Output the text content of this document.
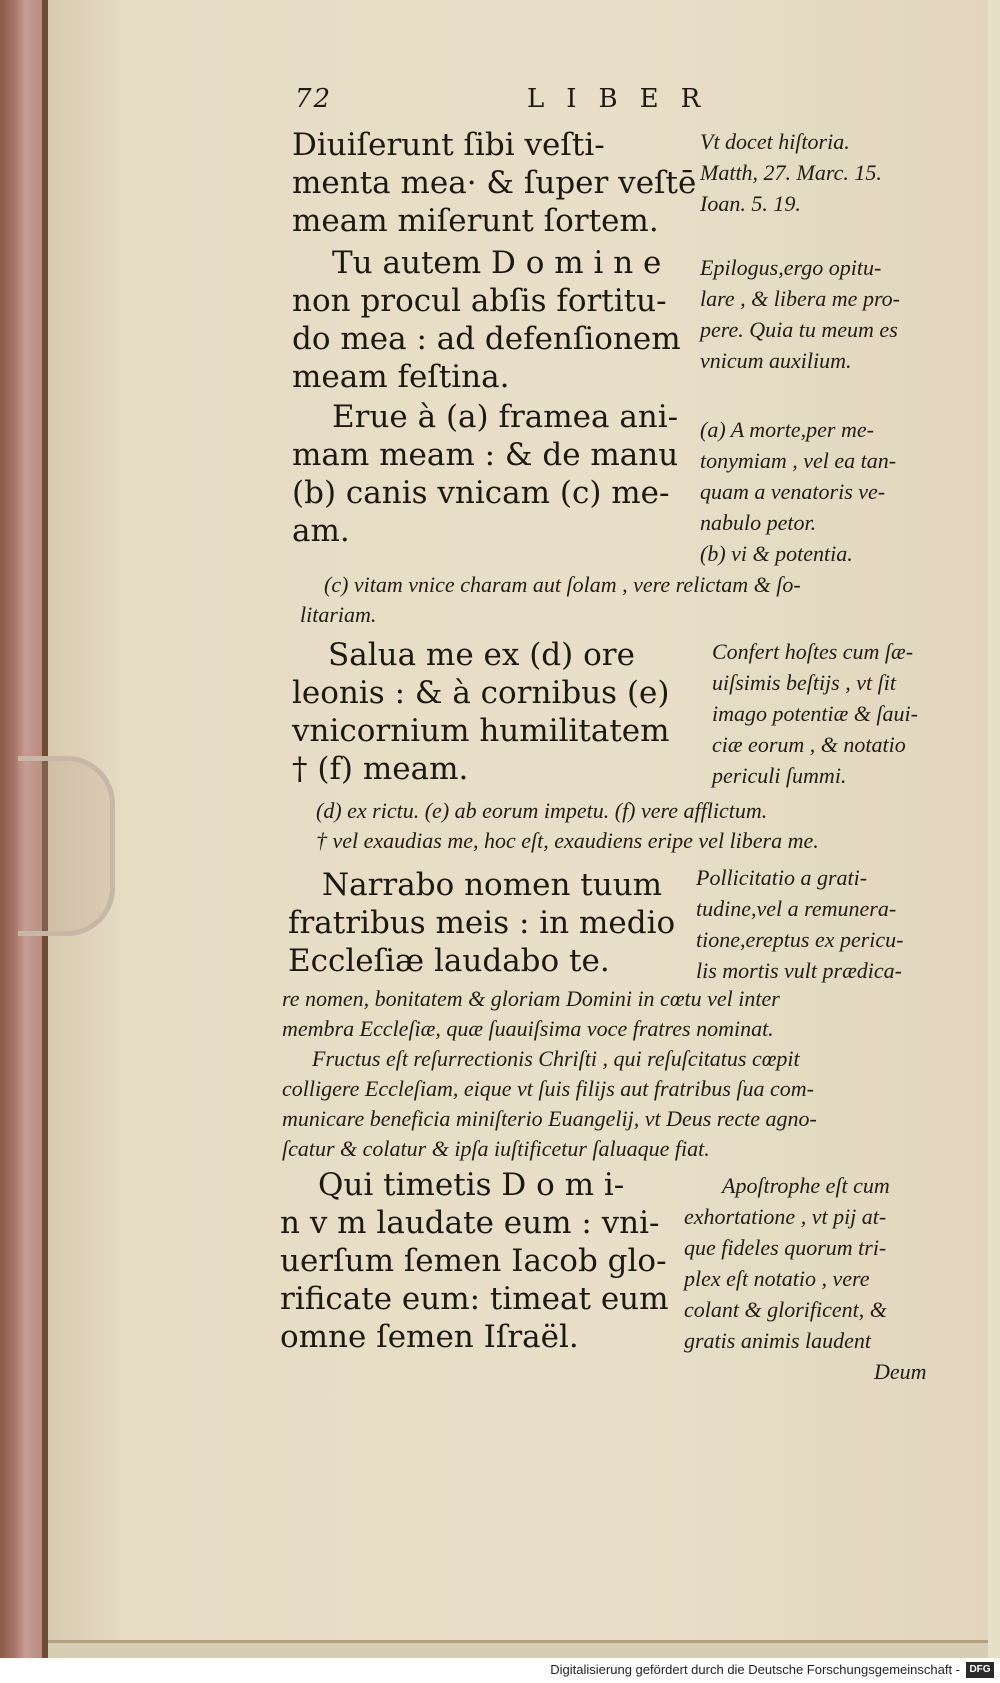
72	LIBER
Diuiſerunt ſibi veſti-
menta mea· & ſuper veſtē
meam miſerunt ſortem.
Vt docet hiſtoria.
Matth, 27. Marc. 15.
Ioan. 5. 19.
Tu autem D o m i n e
non procul abſis fortitu-
do mea : ad defenſionem
meam feſtina.
Epilogus,ergo opitu-
lare , & libera me pro-
pere. Quia tu meum es
vnicum auxilium.
Erue à (a) framea ani-
mam meam : & de manu
(b) canis vnicam (c) me-
am.
(a) A morte,per me-
tonymiam , vel ea tan-
quam a venatoris ve-
nabulo petor.
(b) vi & potentia.
(c) vitam vnice charam aut ſolam , vere relictam & ſo-
litariam.
Salua me ex (d) ore
leonis : & à cornibus (e)
vnicornium humilitatem
† (f) meam.
Confert hoſtes cum ſæ-
uiſsimis beſtijs , vt ſit
imago potentiæ & ſaui-
ciæ eorum , & notatio
periculi ſummi.
(d) ex rictu. (e) ab eorum impetu. (f) vere afflictum.
† vel exaudias me, hoc eſt, exaudiens eripe vel libera me.
Narrabo nomen tuum
fratribus meis : in medio
Eccleſiæ laudabo te.
Pollicitatio a grati-
tudine,vel a remunera-
tione,ereptus ex pericu-
lis mortis vult prædica-
re nomen, bonitatem & gloriam Domini in cœtu vel inter
membra Eccleſiæ, quæ ſuauiſsima voce fratres nominat.
Fructus eſt reſurrectionis Chriſti , qui reſuſcitatus cœpit
colligere Eccleſiam, eique vt ſuis filijs aut fratribus ſua com-
municare beneficia miniſterio Euangelij, vt Deus recte agno-
ſcatur & colatur & ipſa iuſtificetur ſaluaque fiat.
Qui timetis D o m i-
n v m laudate eum : vni-
uerſum ſemen Iacob glo-
rificate eum: timeat eum
omne ſemen Iſraël.
Apoſtrophe eſt cum
exhortatione , vt pij at-
que fideles quorum tri-
plex eſt notatio , vere
colant & glorificent, &
gratis animis laudent
Deum
Digitalisierung gefördert durch die Deutsche Forschungsgemeinschaft - DFG
